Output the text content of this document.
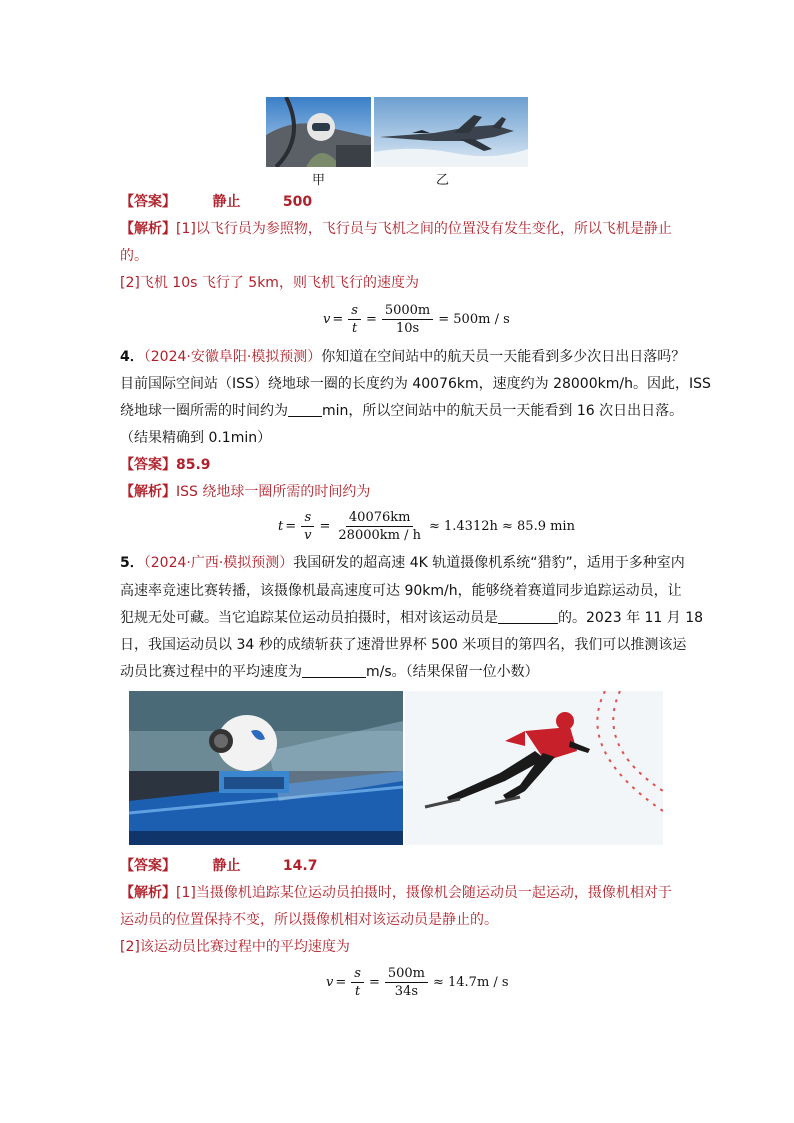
甲	乙
【答案】	静止	500
【解析】[1]以飞行员为参照物，飞行员与飞机之间的位置没有发生变化，所以飞机是静止
的。
[2]飞机 10s 飞行了 5km，则飞机飞行的速度为
$v = \frac{s}{t} = \frac{5000m}{10s} = 500m / s$
4．（2024·安徽阜阳·模拟预测）你知道在空间站中的航天员一天能看到多少次日出日落吗？
目前国际空间站（ISS）绕地球一圈的长度约为 40076km，速度约为 28000km/h。因此，ISS
绕地球一圈所需的时间约为 min，所以空间站中的航天员一天能看到 16 次日出日落。
（结果精确到 0.1min）
【答案】85.9
【解析】ISS 绕地球一圈所需的时间约为
$t = \frac{s}{v} = \frac{40076km}{28000km / h} \approx 1.4312h \approx 85.9$ min
5．（2024·广西·模拟预测）我国研发的超高速 4K 轨道摄像机系统“猎豹”，适用于多种室内
高速率竞速比赛转播，该摄像机最高速度可达 90km/h，能够绕着赛道同步追踪运动员，让
犯规无处可藏。当它追踪某位运动员拍摄时，相对该运动员是	的。2023 年 11 月 18
日，我国运动员以 34 秒的成绩斩获了速滑世界杯 500 米项目的第四名，我们可以推测该运
动员比赛过程中的平均速度为	m/s。（结果保留一位小数）
【答案】	静止	14.7
【解析】[1]当摄像机追踪某位运动员拍摄时，摄像机会随运动员一起运动，摄像机相对于
运动员的位置保持不变，所以摄像机相对该运动员是静止的。
[2]该运动员比赛过程中的平均速度为
$v = \frac{s}{t} = \frac{500m}{34s} \approx 14.7m / s$
